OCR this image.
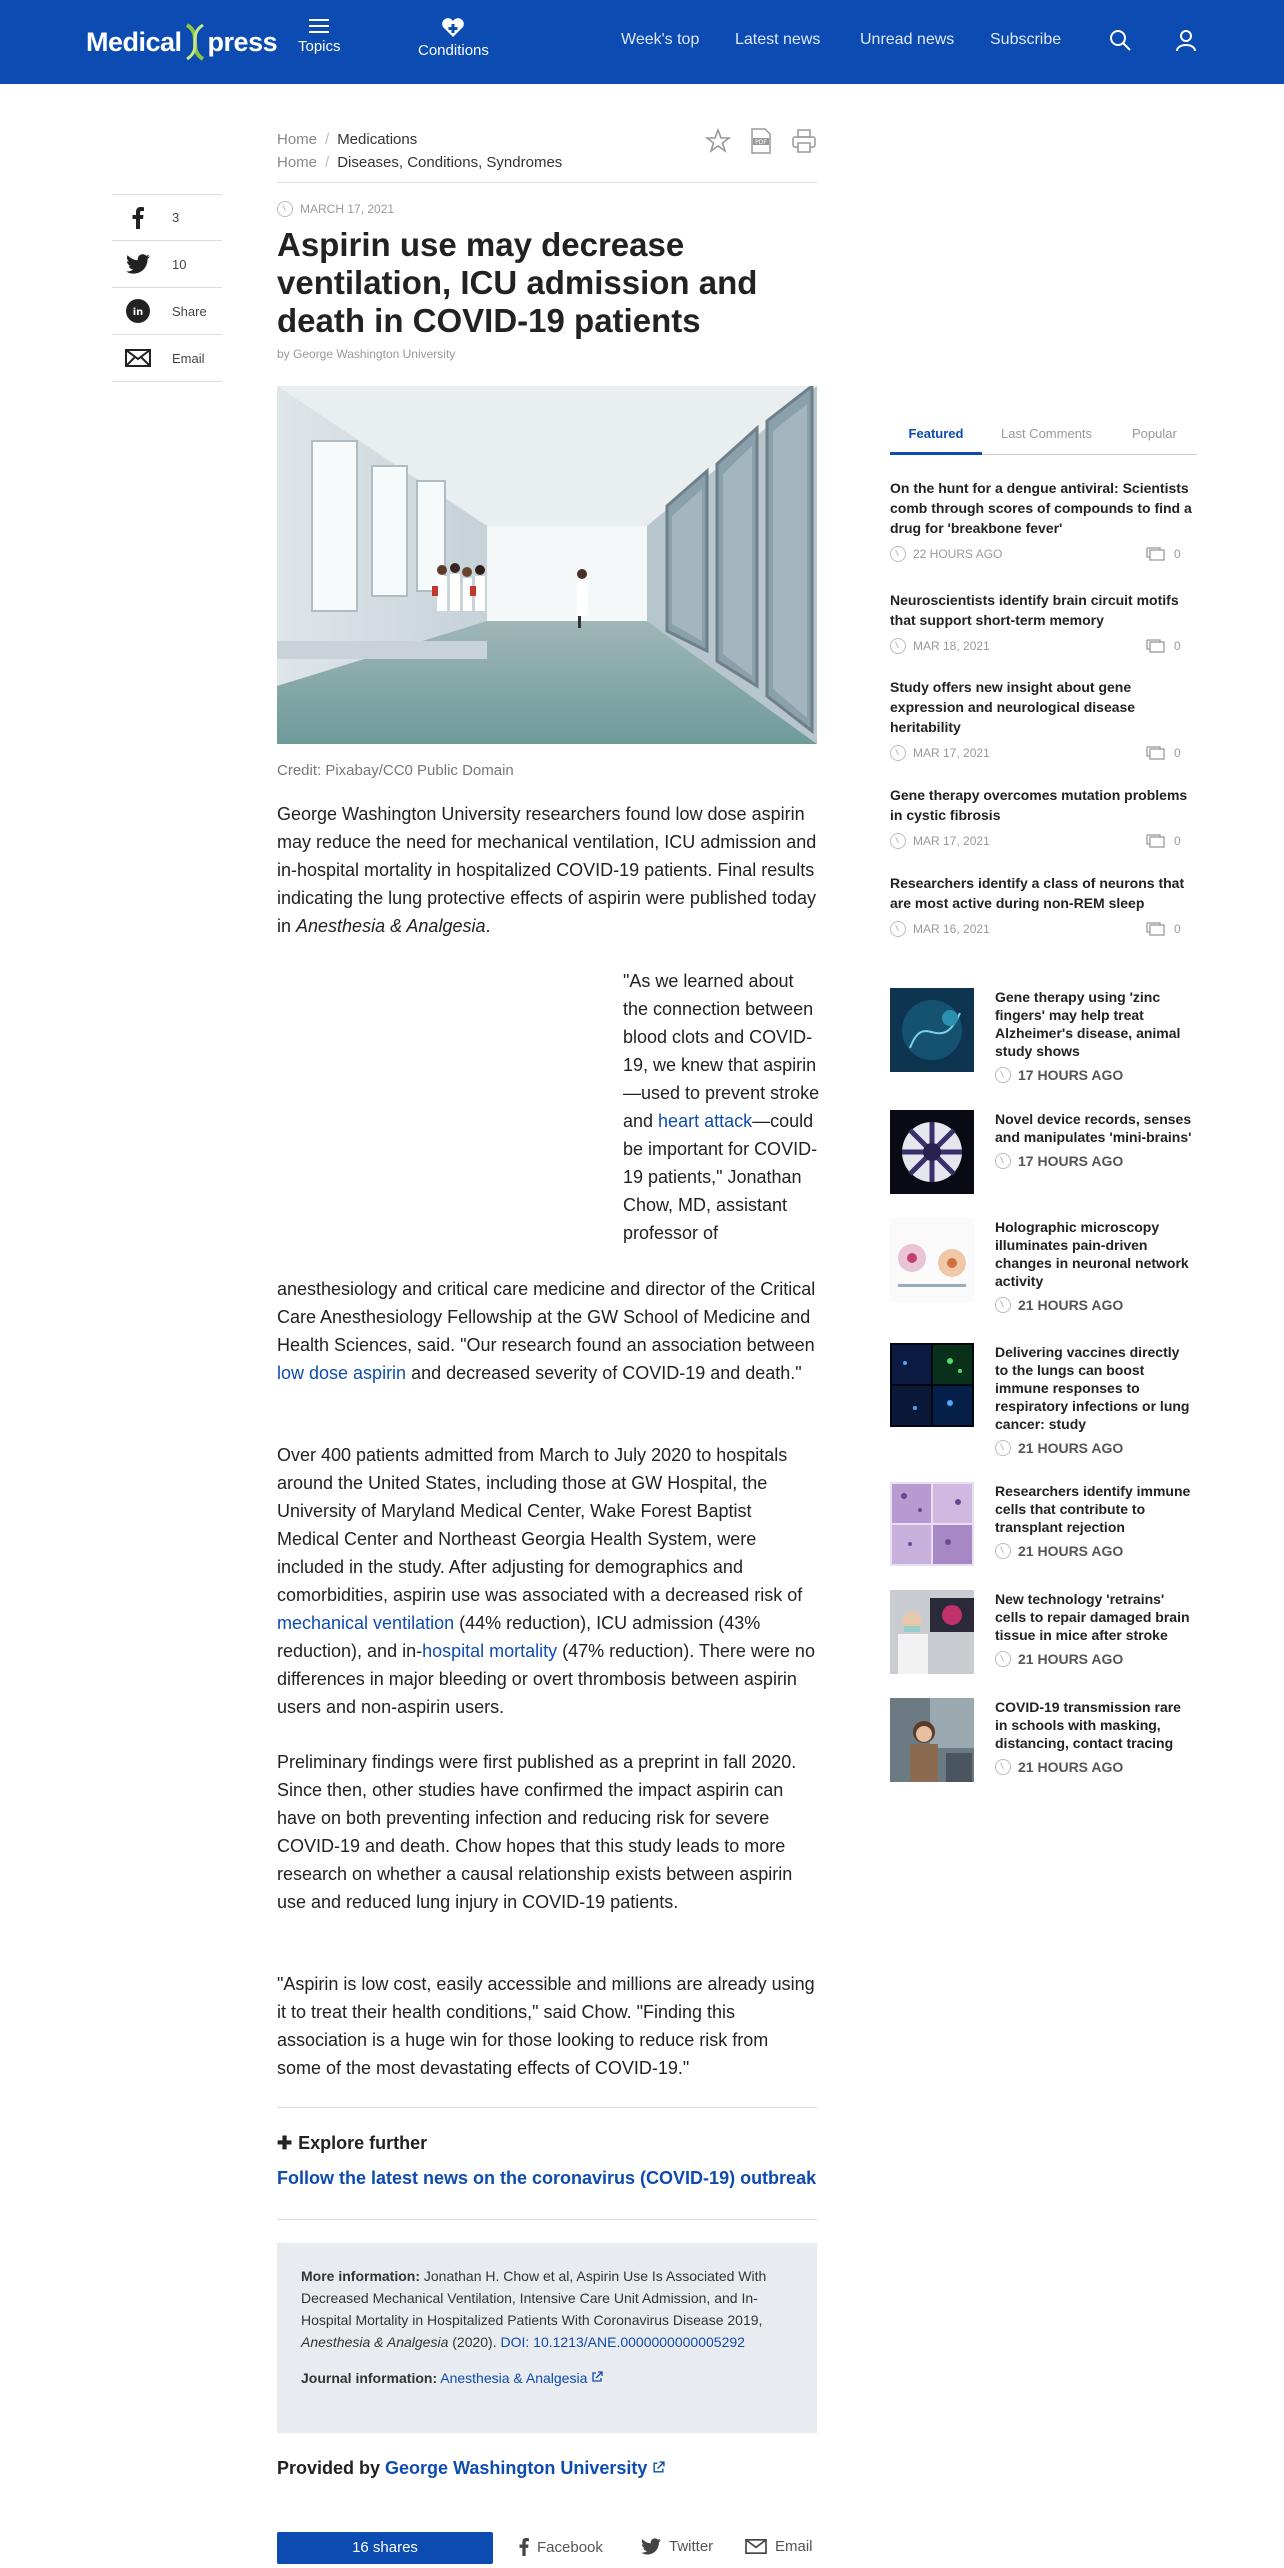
Medical press Topics	Conditions
Week's top Latest news Unread news Subscribe
Home / Medications
Home / Diseases, Conditions, Syndromes
PDF
3
10
in Share
Email
MARCH 17, 2021
Aspirin use may decrease ventilation, ICU admission and death in COVID-19 patients
by George Washington University
Credit: Pixabay/CC0 Public Domain

George Washington University researchers found low dose aspirin may reduce the need for mechanical ventilation, ICU admission and in-hospital mortality in hospitalized COVID-19 patients. Final results indicating the lung protective effects of aspirin were published today in Anesthesia & Analgesia.

"As we learned about the connection between blood clots and COVID-19, we knew that aspirin—used to prevent stroke and heart attack—could be important for COVID-19 patients," Jonathan Chow, MD, assistant professor of

anesthesiology and critical care medicine and director of the Critical Care Anesthesiology Fellowship at the GW School of Medicine and Health Sciences, said. "Our research found an association between low dose aspirin and decreased severity of COVID-19 and death."

Over 400 patients admitted from March to July 2020 to hospitals around the United States, including those at GW Hospital, the University of Maryland Medical Center, Wake Forest Baptist Medical Center and Northeast Georgia Health System, were included in the study. After adjusting for demographics and comorbidities, aspirin use was associated with a decreased risk of mechanical ventilation (44% reduction), ICU admission (43% reduction), and in-hospital mortality (47% reduction). There were no differences in major bleeding or overt thrombosis between aspirin users and non-aspirin users.

Preliminary findings were first published as a preprint in fall 2020. Since then, other studies have confirmed the impact aspirin can have on both preventing infection and reducing risk for severe COVID-19 and death. Chow hopes that this study leads to more research on whether a causal relationship exists between aspirin use and reduced lung injury in COVID-19 patients.

"Aspirin is low cost, easily accessible and millions are already using it to treat their health conditions," said Chow. "Finding this association is a huge win for those looking to reduce risk from some of the most devastating effects of COVID-19."

✚ Explore further
Follow the latest news on the coronavirus (COVID-19) outbreak
More information: Jonathan H. Chow et al, Aspirin Use Is Associated With Decreased Mechanical Ventilation, Intensive Care Unit Admission, and In-Hospital Mortality in Hospitalized Patients With Coronavirus Disease 2019, Anesthesia & Analgesia (2020). DOI: 10.1213/ANE.0000000000005292
Journal information: Anesthesia & Analgesia
Provided by George Washington University
16 shares	Facebook	Twitter	Email
Featured	Last Comments	Popular
On the hunt for a dengue antiviral: Scientists comb through scores of compounds to find a drug for 'breakbone fever'
22 HOURS AGO	0
Neuroscientists identify brain circuit motifs that support short-term memory
MAR 18, 2021	0
Study offers new insight about gene expression and neurological disease heritability
MAR 17, 2021	0
Gene therapy overcomes mutation problems in cystic fibrosis
MAR 17, 2021	0
Researchers identify a class of neurons that are most active during non-REM sleep
MAR 16, 2021	0
Gene therapy using 'zinc fingers' may help treat Alzheimer's disease, animal study shows
17 HOURS AGO
Novel device records, senses and manipulates 'mini-brains'
17 HOURS AGO
Holographic microscopy illuminates pain-driven changes in neuronal network activity
21 HOURS AGO
Delivering vaccines directly to the lungs can boost immune responses to respiratory infections or lung cancer: study
21 HOURS AGO
Researchers identify immune cells that contribute to transplant rejection
21 HOURS AGO
New technology 'retrains' cells to repair damaged brain tissue in mice after stroke
21 HOURS AGO
COVID-19 transmission rare in schools with masking, distancing, contact tracing
21 HOURS AGO
